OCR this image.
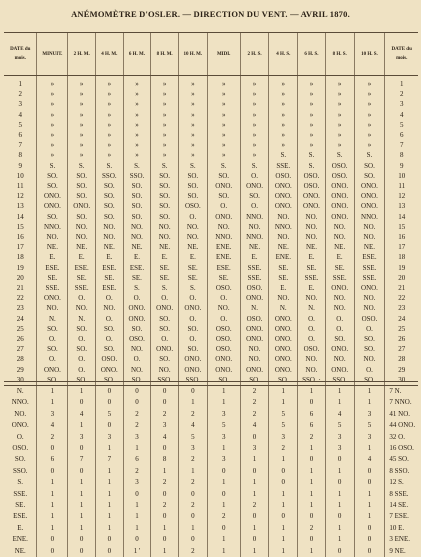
ANÉMOMÈTRE D'OSLER. — DIRECTION DU VENT. — AVRIL 1870.
DATE du mois.	MINUIT.	2 H. M.	4 H. M.	6 H. M.	8 H. M.	10 H. M.	MIDI.	2 H. S.	4 H. S.	6 H. S.	8 H. S.	10 H. S.	DATE du mois.
1	»	»	»	»	»	»	»	»	»	»	»	»	1
2	»	»	»	»	»	»	»	»	»	»	»	»	2
3	»	»	»	»	»	»	»	»	»	»	»	»	3
4	»	»	»	»	»	»	»	»	»	»	»	»	4
5	»	»	»	»	»	»	»	»	»	»	»	»	5
6	»	»	»	»	»	»	»	»	»	»	»	»	6
7	»	»	»	»	»	»	»	»	»	»	»	»	7
8	»	»	»	»	»	»	»	»	S.	S.	S.	S.	8
9	S.	S.	S.	S.	S.	S.	S.	S.	SSE.	S.	OSO.	SO.	9
10	SO.	SO.	SSO.	SSO.	SO.	SO.	SO.	O.	OSO.	OSO.	OSO.	SO.	10
11	SO.	SO.	SO.	SO.	SO.	SO.	ONO.	ONO.	ONO.	OSO.	ONO.	ONO.	11
12	ONO.	SO.	SO.	SO.	SO.	SO.	SO.	SO.	ONO.	ONO.	ONO.	ONO.	12
13	ONO.	ONO.	SO.	SO.	SO.	OSO.	O.	O.	ONO.	ONO.	ONO.	ONO.	13
14	SO.	SO.	SO.	SO.	SO.	O.	ONO.	NNO.	NO.	NO.	ONO.	NNO.	14
15	NNO.	NO.	NO.	NO.	NO.	NO.	NO.	NO.	NNO.	NO.	NO.	NO.	15
16	NO.	NO.	NO.	NO.	NO.	NO.	NNO.	NNO.	NO.	NO.	NO.	NO.	16
17	NE.	NE.	NE.	NE.	NE.	NE.	ENE.	NE.	NE.	NE.	NE.	NE.	17
18	E.	E.	E.	E.	E.	E.	ENE.	E.	ENE.	E.	E.	ESE.	18
19	ESE.	ESE.	ESE.	ESE.	SE.	SE.	ESE.	SSE.	SE.	SE.	SE.	SSE.	19
20	SE.	SE.	SE.	SE.	SE.	SE.	SE.	SSE.	SE.	SSE.	SSE.	SSE.	20
21	SSE.	SSE.	ESE.	S.	S.	S.	OSO.	OSO.	E.	E.	ONO.	ONO.	21
22	ONO.	O.	O.	O.	O.	O.	O.	ONO.	NO.	NO.	NO.	NO.	22
23	NO.	NO.	NO.	ONO.	ONO.	ONO.	NO.	N.	N.	N.	NO.	NO.	23
24	N.	N.	O.	ONO.	SO.	O.	O.	OSO.	ONO.	O.	O.	OSO.	24
25	SO.	SO.	SO.	SO.	SO.	SO.	OSO.	ONO.	ONO.	O.	O.	O.	25
26	O.	O.	O.	OSO.	O.	O.	OSO.	ONO.	ONO.	O.	SO.	SO.	26
27	SO.	SO.	SO.	NO.	ONO.	SO.	OSO.	NO.	ONO.	OSO.	ONO.	SO.	27
28	O.	O.	OSO.	O.	SO.	ONO.	ONO.	NO.	ONO.	NO.	NO.	NO.	28
29	ONO.	O.	ONO.	NO.	NO.	ONO.	ONO.	ONO.	ONO.	NO.	ONO.	O.	29
30	SO.	SO.	SO.	SO.	SSO.	SSO.	SO.	SO.	SO.	SSO. ·	SSO.	SO.	30
N.	1	1	0	0	0	0	1	2	1	1	1	1	7 N.
NNO.	1	0	0	0	0	1	1	2	1	0	1	1	7 NNO.
NO.	3	4	5	2	2	2	3	2	5	6	4	3	41 NO.
ONO.	4	1	0	2	3	4	5	4	5	6	5	5	44 ONO.
O.	2	3	3	3	4	5	3	0	3	2	3	3	32 O.
OSO.	0	0	1	1	0	3	1	3	2	1	3	1	16 OSO.
SO.	6	7	7	6	8	2	3	1	1	0	0	4	45 SO.
SSO.	0	0	1	2	1	1	0	0	0	1	1	0	8 SSO.
S.	1	1	1	3	2	2	1	1	0	1	0	0	12 S.
SSE.	1	1	1	0	0	0	0	1	1	1	1	1	8 SSE.
SE.	1	1	1	1	2	2	1	2	1	1	1	1	14 SE.
ESE.	1	1	1	1	0	0	2	0	0	0	0	1	7 ESE.
E.	1	1	1	1	1	1	0	1	1	2	1	0	10 E.
ENE.	0	0	0	0	0	0	1	0	1	0	1	0	3 ENE.
NE.	0	0	0	1 '	1	2	1	1	1	1	0	0	9 NE.
